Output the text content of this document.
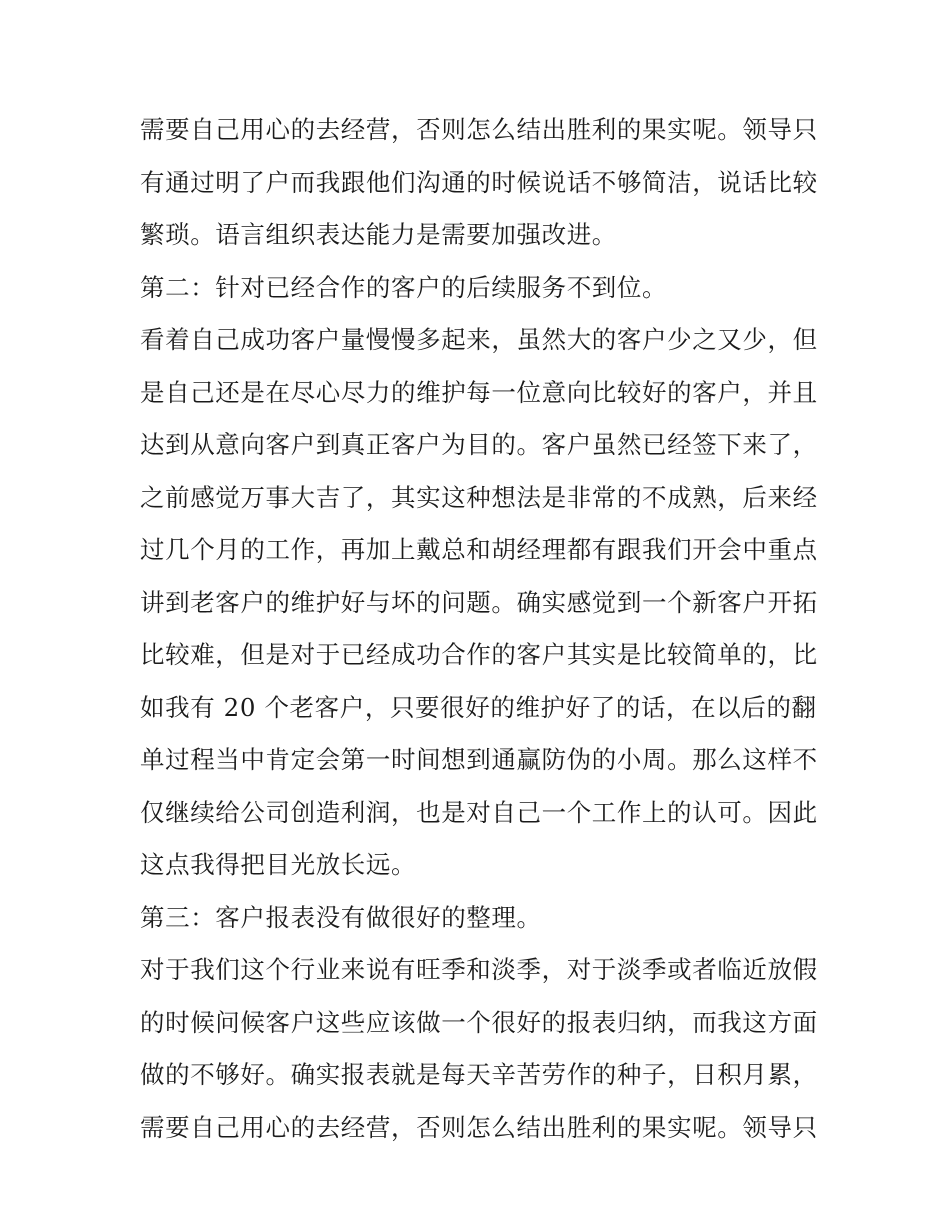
需要自己用心的去经营，否则怎么结出胜利的果实呢。领导只
有通过明了户而我跟他们沟通的时候说话不够简洁，说话比较
繁琐。语言组织表达能力是需要加强改进。
第二：针对已经合作的客户的后续服务不到位。
看着自己成功客户量慢慢多起来，虽然大的客户少之又少，但
是自己还是在尽心尽力的维护每一位意向比较好的客户，并且
达到从意向客户到真正客户为目的。客户虽然已经签下来了，
之前感觉万事大吉了，其实这种想法是非常的不成熟，后来经
过几个月的工作，再加上戴总和胡经理都有跟我们开会中重点
讲到老客户的维护好与坏的问题。确实感觉到一个新客户开拓
比较难，但是对于已经成功合作的客户其实是比较简单的，比
如我有 20 个老客户，只要很好的维护好了的话，在以后的翻
单过程当中肯定会第一时间想到通赢防伪的小周。那么这样不
仅继续给公司创造利润，也是对自己一个工作上的认可。因此
这点我得把目光放长远。
第三：客户报表没有做很好的整理。
对于我们这个行业来说有旺季和淡季，对于淡季或者临近放假
的时候问候客户这些应该做一个很好的报表归纳，而我这方面
做的不够好。确实报表就是每天辛苦劳作的种子，日积月累，
需要自己用心的去经营，否则怎么结出胜利的果实呢。领导只
